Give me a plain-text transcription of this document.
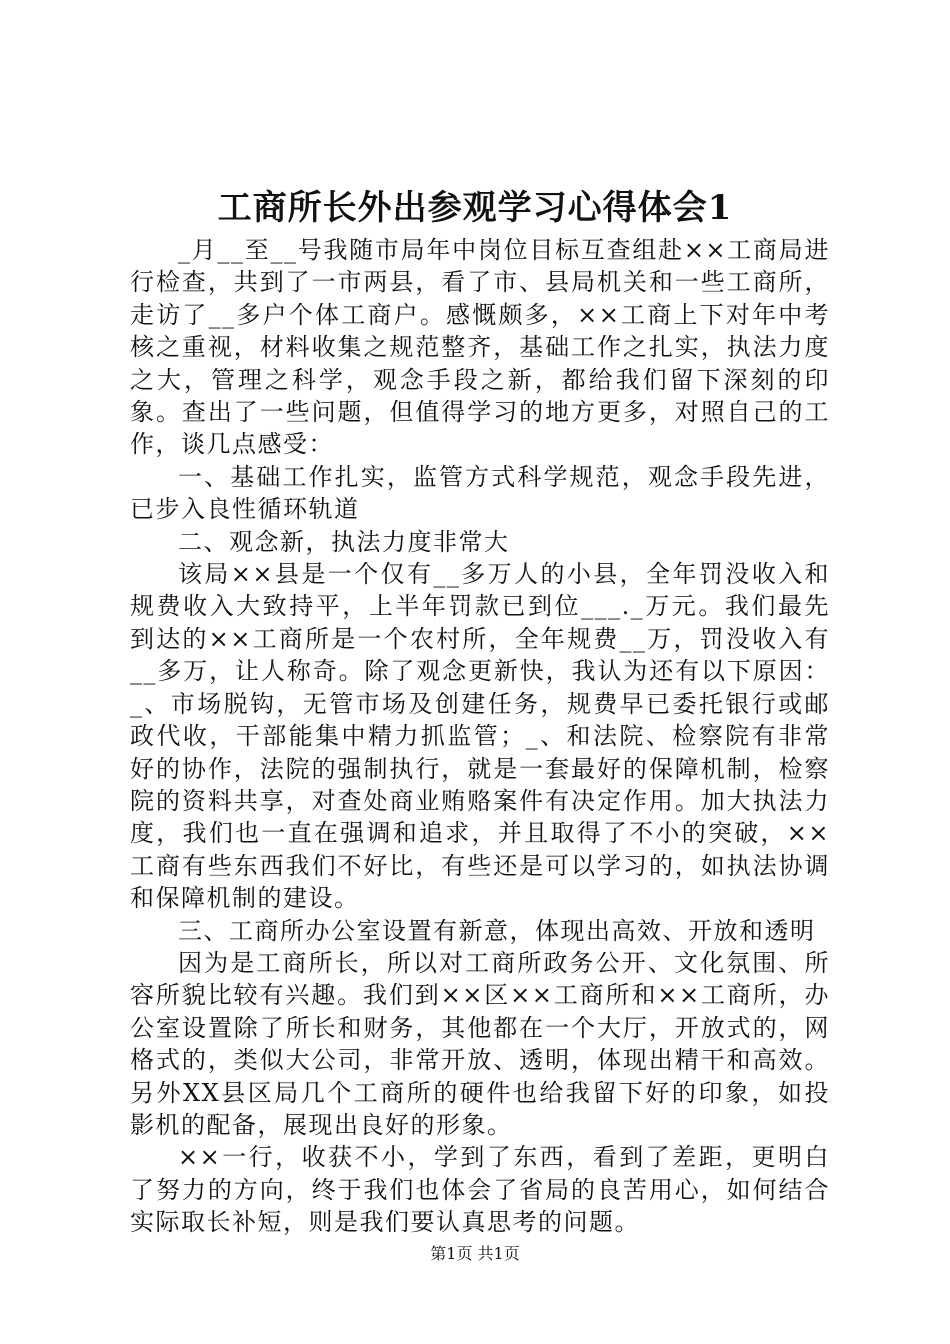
工商所长外出参观学习心得体会1

_月__至__号我随市局年中岗位目标互查组赴××工商局进行检查，共到了一市两县，看了市、县局机关和一些工商所，走访了__多户个体工商户。感慨颇多，××工商上下对年中考核之重视，材料收集之规范整齐，基础工作之扎实，执法力度之大，管理之科学，观念手段之新，都给我们留下深刻的印象。查出了一些问题，但值得学习的地方更多，对照自己的工作，谈几点感受：

一、基础工作扎实，监管方式科学规范，观念手段先进，已步入良性循环轨道

二、观念新，执法力度非常大

该局××县是一个仅有__多万人的小县，全年罚没收入和规费收入大致持平，上半年罚款已到位___._万元。我们最先到达的××工商所是一个农村所，全年规费__万，罚没收入有__多万，让人称奇。除了观念更新快，我认为还有以下原因：_、市场脱钩，无管市场及创建任务，规费早已委托银行或邮政代收，干部能集中精力抓监管；_、和法院、检察院有非常好的协作，法院的强制执行，就是一套最好的保障机制，检察院的资料共享，对查处商业贿赂案件有决定作用。加大执法力度，我们也一直在强调和追求，并且取得了不小的突破，××工商有些东西我们不好比，有些还是可以学习的，如执法协调和保障机制的建设。

三、工商所办公室设置有新意，体现出高效、开放和透明

因为是工商所长，所以对工商所政务公开、文化氛围、所容所貌比较有兴趣。我们到××区××工商所和××工商所，办公室设置除了所长和财务，其他都在一个大厅，开放式的，网格式的，类似大公司，非常开放、透明，体现出精干和高效。另外XX县区局几个工商所的硬件也给我留下好的印象，如投影机的配备，展现出良好的形象。

××一行，收获不小，学到了东西，看到了差距，更明白了努力的方向，终于我们也体会了省局的良苦用心，如何结合实际取长补短，则是我们要认真思考的问题。

第1页 共1页
